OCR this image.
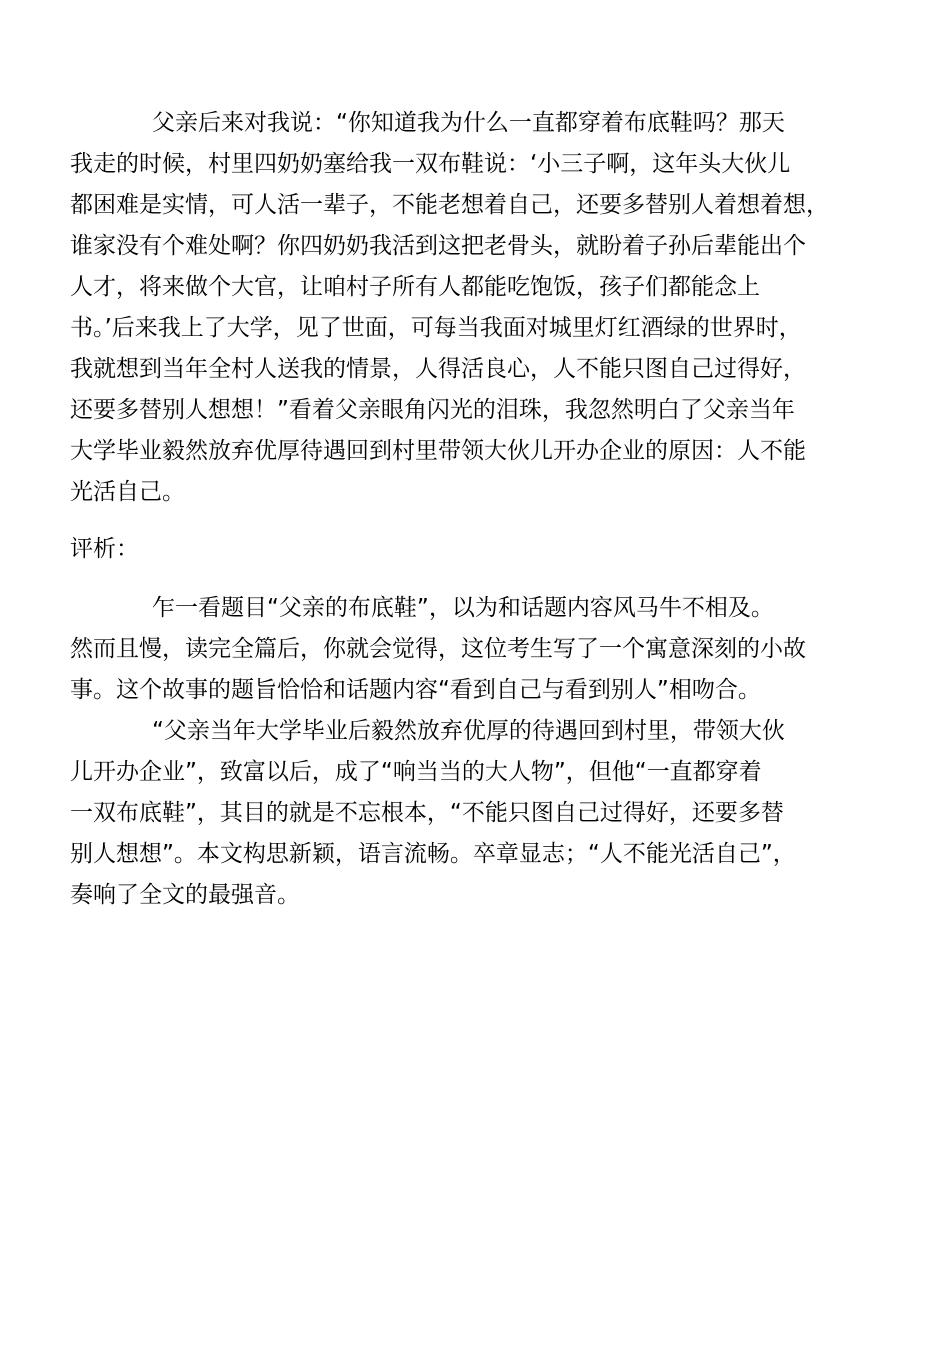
父亲后来对我说：“你知道我为什么一直都穿着布底鞋吗？那天
我走的时候，村里四奶奶塞给我一双布鞋说：‘小三子啊，这年头大伙儿
都困难是实情，可人活一辈子，不能老想着自己，还要多替别人着想着想，
谁家没有个难处啊？你四奶奶我活到这把老骨头，就盼着子孙后辈能出个
人才，将来做个大官，让咱村子所有人都能吃饱饭，孩子们都能念上
书。’后来我上了大学，见了世面，可每当我面对城里灯红酒绿的世界时，
我就想到当年全村人送我的情景，人得活良心，人不能只图自己过得好，
还要多替别人想想！”看着父亲眼角闪光的泪珠，我忽然明白了父亲当年
大学毕业毅然放弃优厚待遇回到村里带领大伙儿开办企业的原因：人不能
光活自己。
评析：
乍一看题目“父亲的布底鞋”，以为和话题内容风马牛不相及。
然而且慢，读完全篇后，你就会觉得，这位考生写了一个寓意深刻的小故
事。这个故事的题旨恰恰和话题内容“看到自己与看到别人”相吻合。
“父亲当年大学毕业后毅然放弃优厚的待遇回到村里，带领大伙
儿开办企业”，致富以后，成了“响当当的大人物”，但他“一直都穿着
一双布底鞋”，其目的就是不忘根本，“不能只图自己过得好，还要多替
别人想想”。本文构思新颖，语言流畅。卒章显志；“人不能光活自己”，
奏响了全文的最强音。
